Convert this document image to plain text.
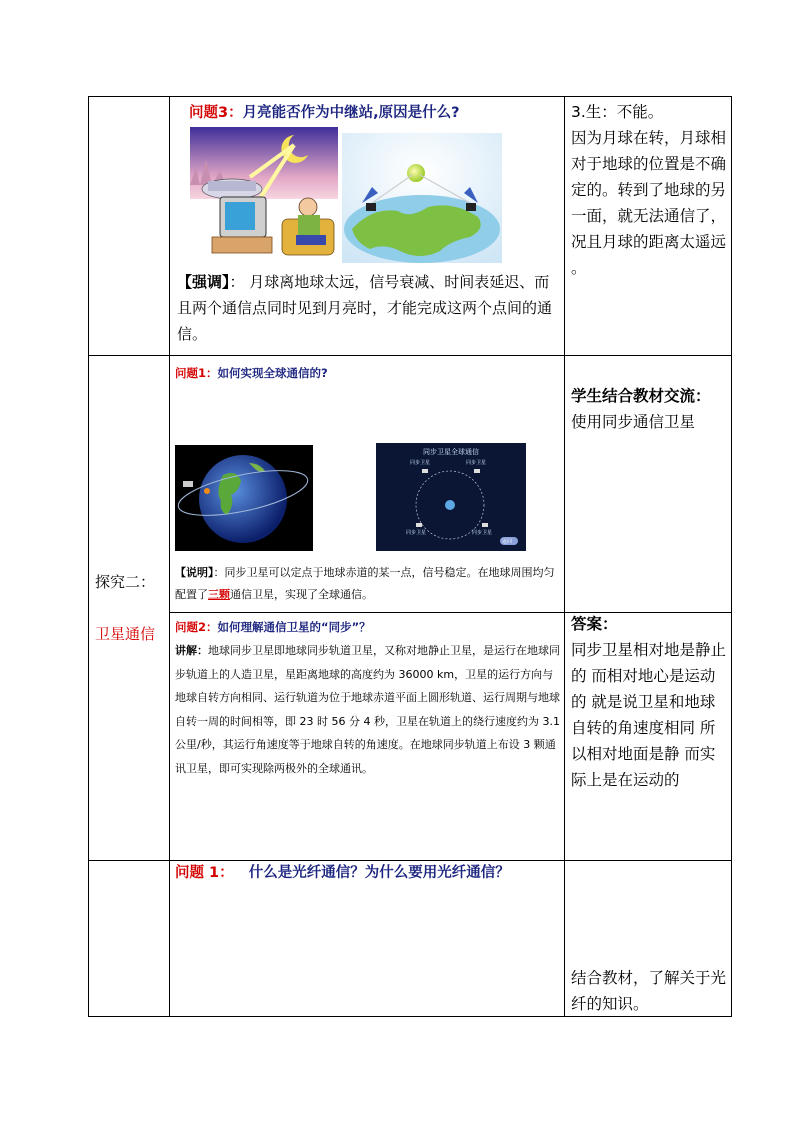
问题3：月亮能否作为中继站,原因是什么?
【强调】： 月球离地球太远，信号衰减、时间表延迟、而且两个通信点同时见到月亮时，才能完成这两个点间的通信。
3.生：不能。
因为月球在转，月球相对于地球的位置是不确定的。转到了地球的另一面，就无法通信了，况且月球的距离太遥远 。
探究二：
卫星通信
问题1：如何实现全球通信的?
同步卫星全球通信
同步卫星	同步卫星
同步卫星	同步卫星
返回
【说明】：同步卫星可以定点于地球赤道的某一点，信号稳定。在地球周围均匀配置了三颗通信卫星，实现了全球通信。
学生结合教材交流：
使用同步通信卫星
问题2：如何理解通信卫星的“同步”？
讲解：地球同步卫星即地球同步轨道卫星，又称对地静止卫星，是运行在地球同步轨道上的人造卫星，星距离地球的高度约为 36000 km，卫星的运行方向与地球自转方向相同、运行轨道为位于地球赤道平面上圆形轨道、运行周期与地球自转一周的时间相等，即 23 时 56 分 4 秒，卫星在轨道上的绕行速度约为 3.1 公里/秒，其运行角速度等于地球自转的角速度。在地球同步轨道上布设 3 颗通讯卫星，即可实现除两极外的全球通讯。
答案：
同步卫星相对地是静止的 而相对地心是运动的 就是说卫星和地球自转的角速度相同 所以相对地面是静 而实际上是在运动的
问题 1： 什么是光纤通信？为什么要用光纤通信？
结合教材，了解关于光纤的知识。
